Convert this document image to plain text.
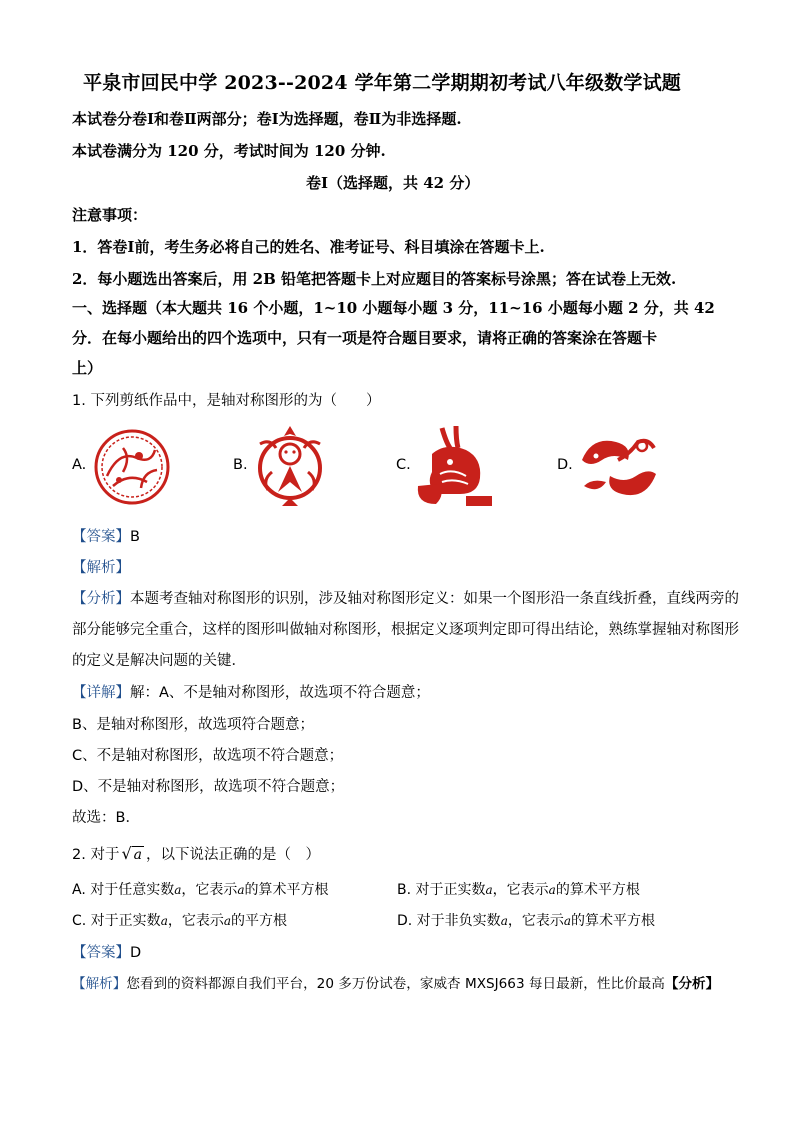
平泉市回民中学 2023--2024 学年第二学期期初考试八年级数学试题
本试卷分卷Ⅰ和卷Ⅱ两部分；卷Ⅰ为选择题，卷Ⅱ为非选择题.
本试卷满分为 120 分，考试时间为 120 分钟.
卷Ⅰ（选择题，共 42 分）
注意事项：
1．答卷Ⅰ前，考生务必将自己的姓名、准考证号、科目填涂在答题卡上.
2．每小题选出答案后，用 2B 铅笔把答题卡上对应题目的答案标号涂黑；答在试卷上无效.
一、选择题（本大题共 16 个小题，1~10 小题每小题 3 分，11~16 小题每小题 2 分，共 42
分．在每小题给出的四个选项中，只有一项是符合题目要求，请将正确的答案涂在答题卡
上）
1. 下列剪纸作品中，是轴对称图形的为（　　）
A.	B.	C.	D.
【答案】B
【解析】
【分析】本题考查轴对称图形的识别，涉及轴对称图形定义：如果一个图形沿一条直线折叠，直线两旁的
部分能够完全重合，这样的图形叫做轴对称图形，根据定义逐项判定即可得出结论，熟练掌握轴对称图形
的定义是解决问题的关键．
【详解】解：A、不是轴对称图形，故选项不符合题意；
B、是轴对称图形，故选项符合题意；
C、不是轴对称图形，故选项不符合题意；
D、不是轴对称图形，故选项不符合题意；
故选：B．
2. 对于 √ a ，以下说法正确的是（　）
A. 对于任意实数a，它表示a的算术平方根	B. 对于正实数a，它表示a的算术平方根
C. 对于正实数a，它表示a的平方根	D. 对于非负实数a，它表示a的算术平方根
【答案】D
【解析】您看到的资料都源自我们平台，20 多万份试卷，家威杏 MXSJ663 每日最新，性比价最高【分析】
